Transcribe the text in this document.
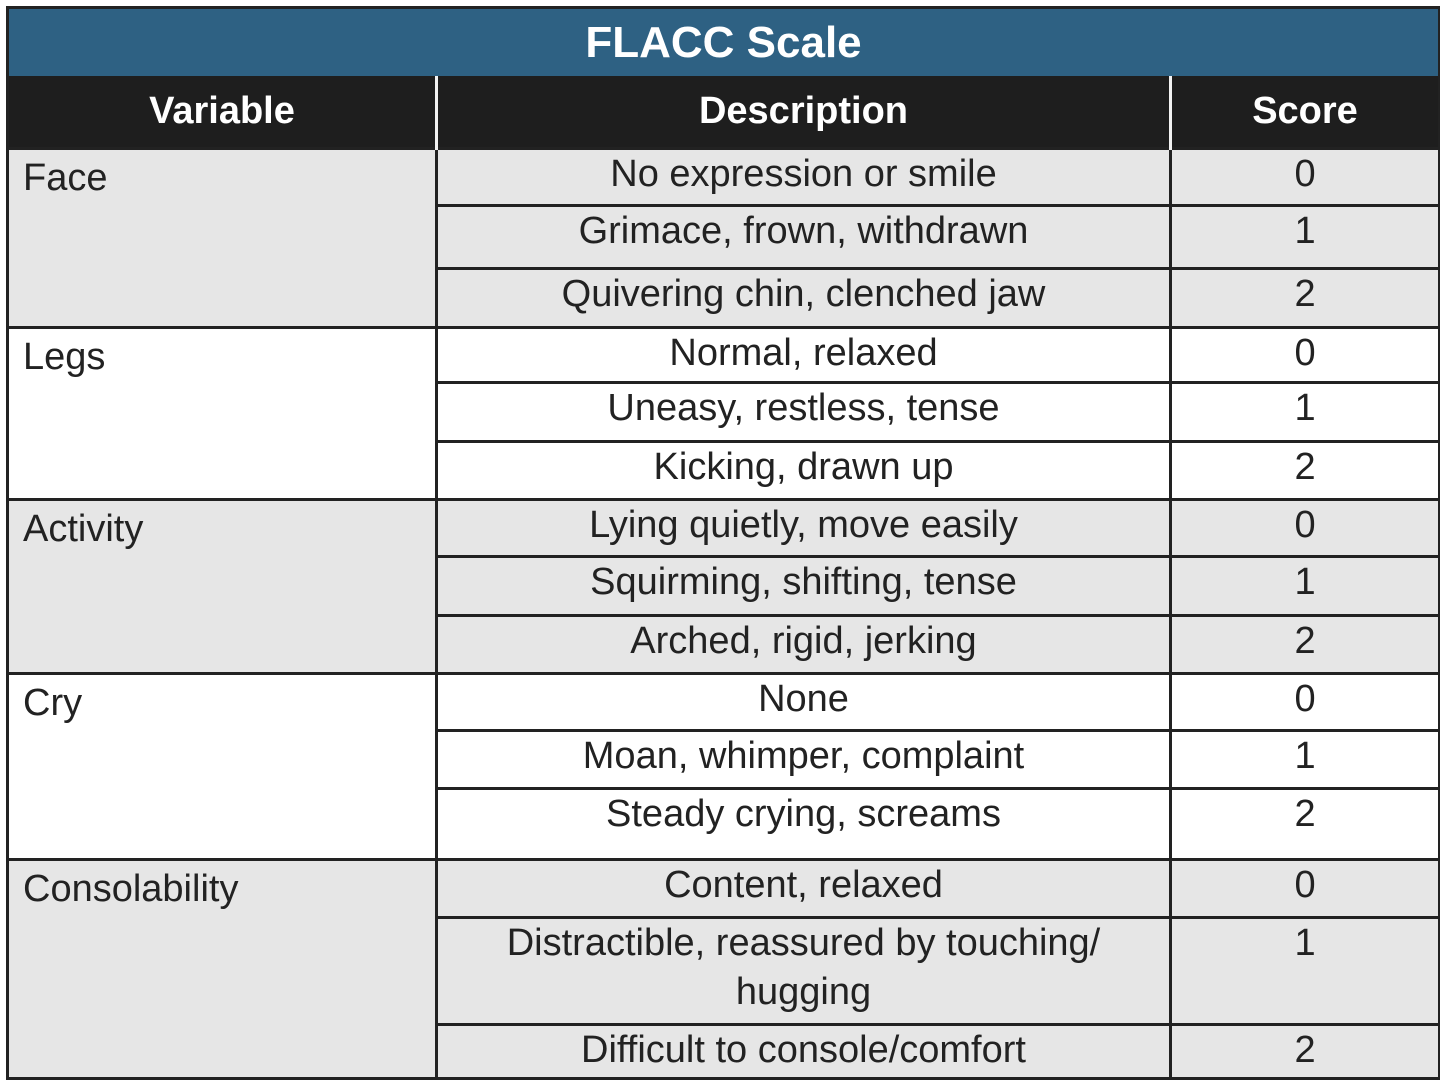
FLACC Scale		
Variable	Description	Score
Face	No expression or smile	0
	Grimace, frown, withdrawn	1
	Quivering chin, clenched jaw	2
Legs	Normal, relaxed	0
	Uneasy, restless, tense	1
	Kicking, drawn up	2
Activity	Lying quietly, move easily	0
	Squirming, shifting, tense	1
	Arched, rigid, jerking	2
Cry	None	0
	Moan, whimper, complaint	1
	Steady crying, screams	2
Consolability	Content, relaxed	0
	Distractible, reassured by touching/ hugging	1
	Difficult to console/comfort	2
